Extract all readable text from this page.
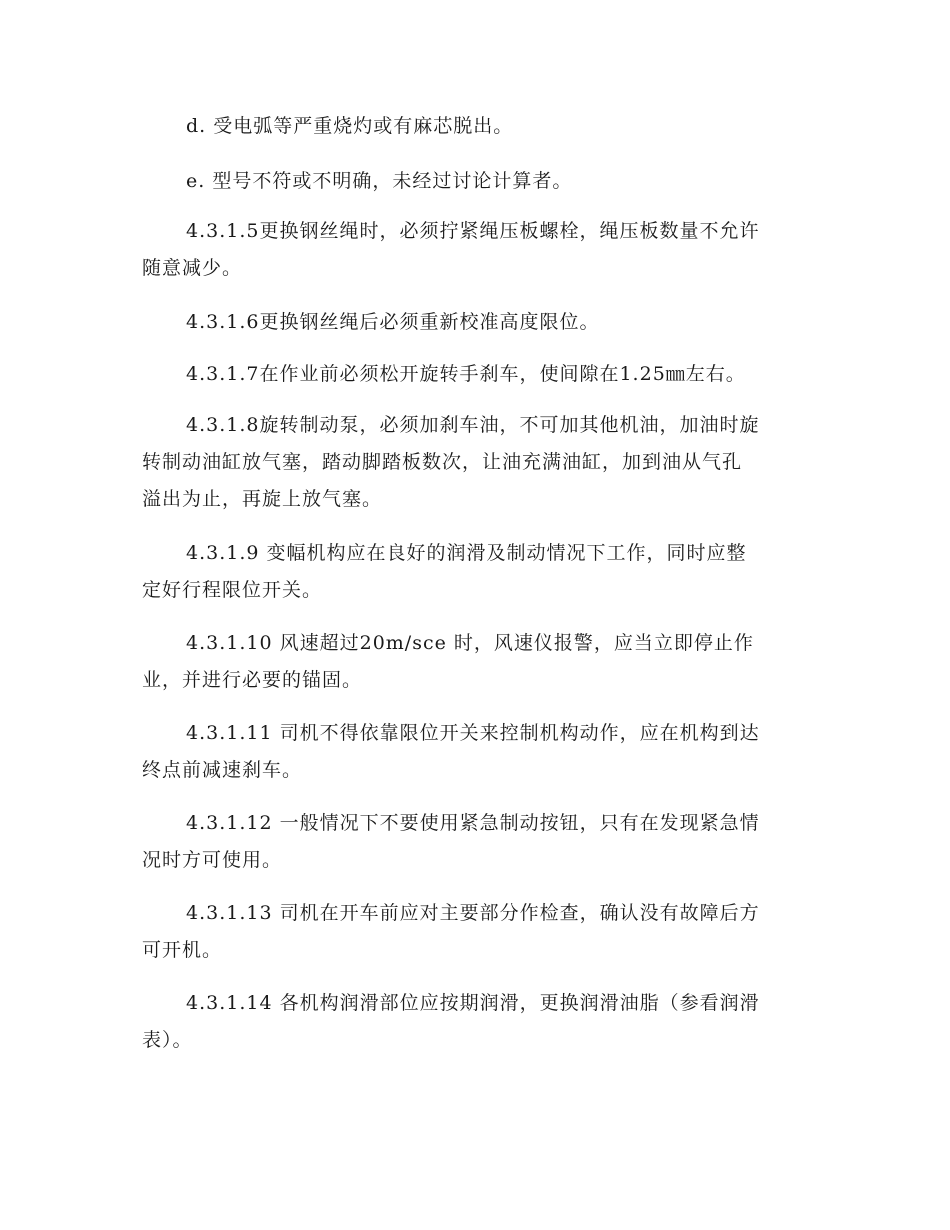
d. 受电弧等严重烧灼或有麻芯脱出。
e. 型号不符或不明确，未经过讨论计算者。
4.3.1.5更换钢丝绳时，必须拧紧绳压板螺栓，绳压板数量不允许
随意减少。
4.3.1.6更换钢丝绳后必须重新校准高度限位。
4.3.1.7在作业前必须松开旋转手刹车，使间隙在1.25㎜左右。
4.3.1.8旋转制动泵，必须加刹车油，不可加其他机油，加油时旋
转制动油缸放气塞，踏动脚踏板数次，让油充满油缸，加到油从气孔
溢出为止，再旋上放气塞。
4.3.1.9 变幅机构应在良好的润滑及制动情况下工作，同时应整
定好行程限位开关。
4.3.1.10 风速超过20m/sce 时，风速仪报警，应当立即停止作
业，并进行必要的锚固。
4.3.1.11 司机不得依靠限位开关来控制机构动作，应在机构到达
终点前减速刹车。
4.3.1.12 一般情况下不要使用紧急制动按钮，只有在发现紧急情
况时方可使用。
4.3.1.13 司机在开车前应对主要部分作检查，确认没有故障后方
可开机。
4.3.1.14 各机构润滑部位应按期润滑，更换润滑油脂（参看润滑
表）。
